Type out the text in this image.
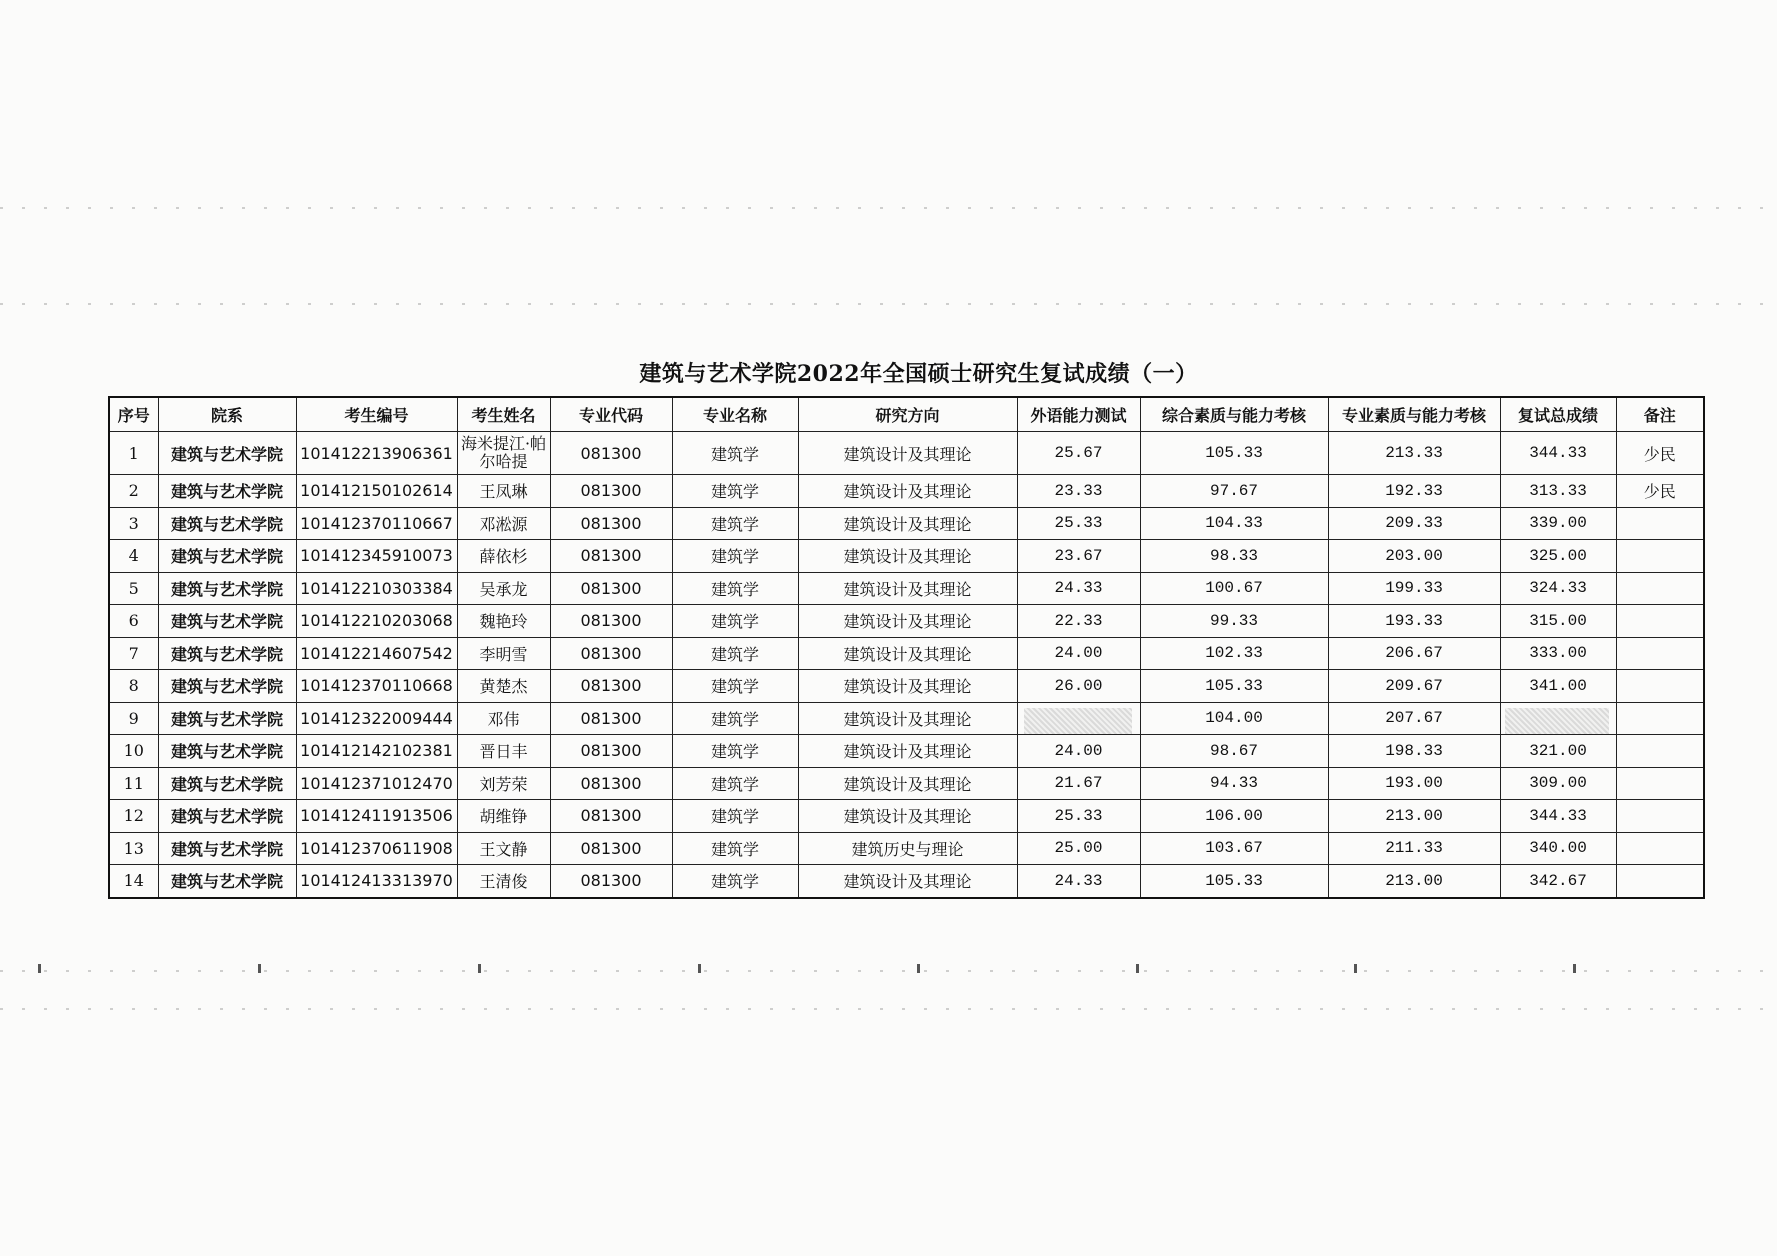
建筑与艺术学院2022年全国硕士研究生复试成绩（一）
序号	院系	考生编号	考生姓名	专业代码	专业名称	研究方向	外语能力测试	综合素质与能力考核	专业素质与能力考核	复试总成绩	备注
1	建筑与艺术学院	101412213906361	海米提江·帕尔哈提	081300	建筑学	建筑设计及其理论	25.67	105.33	213.33	344.33	少民
2	建筑与艺术学院	101412150102614	王凤琳	081300	建筑学	建筑设计及其理论	23.33	97.67	192.33	313.33	少民
3	建筑与艺术学院	101412370110667	邓淞源	081300	建筑学	建筑设计及其理论	25.33	104.33	209.33	339.00	
4	建筑与艺术学院	101412345910073	薛依杉	081300	建筑学	建筑设计及其理论	23.67	98.33	203.00	325.00	
5	建筑与艺术学院	101412210303384	吴承龙	081300	建筑学	建筑设计及其理论	24.33	100.67	199.33	324.33	
6	建筑与艺术学院	101412210203068	魏艳玲	081300	建筑学	建筑设计及其理论	22.33	99.33	193.33	315.00	
7	建筑与艺术学院	101412214607542	李明雪	081300	建筑学	建筑设计及其理论	24.00	102.33	206.67	333.00	
8	建筑与艺术学院	101412370110668	黄楚杰	081300	建筑学	建筑设计及其理论	26.00	105.33	209.67	341.00	
9	建筑与艺术学院	101412322009444	邓伟	081300	建筑学	建筑设计及其理论		104.00	207.67		
10	建筑与艺术学院	101412142102381	晋日丰	081300	建筑学	建筑设计及其理论	24.00	98.67	198.33	321.00	
11	建筑与艺术学院	101412371012470	刘芳荣	081300	建筑学	建筑设计及其理论	21.67	94.33	193.00	309.00	
12	建筑与艺术学院	101412411913506	胡维铮	081300	建筑学	建筑设计及其理论	25.33	106.00	213.00	344.33	
13	建筑与艺术学院	101412370611908	王文静	081300	建筑学	建筑历史与理论	25.00	103.67	211.33	340.00	
14	建筑与艺术学院	101412413313970	王清俊	081300	建筑学	建筑设计及其理论	24.33	105.33	213.00	342.67	
